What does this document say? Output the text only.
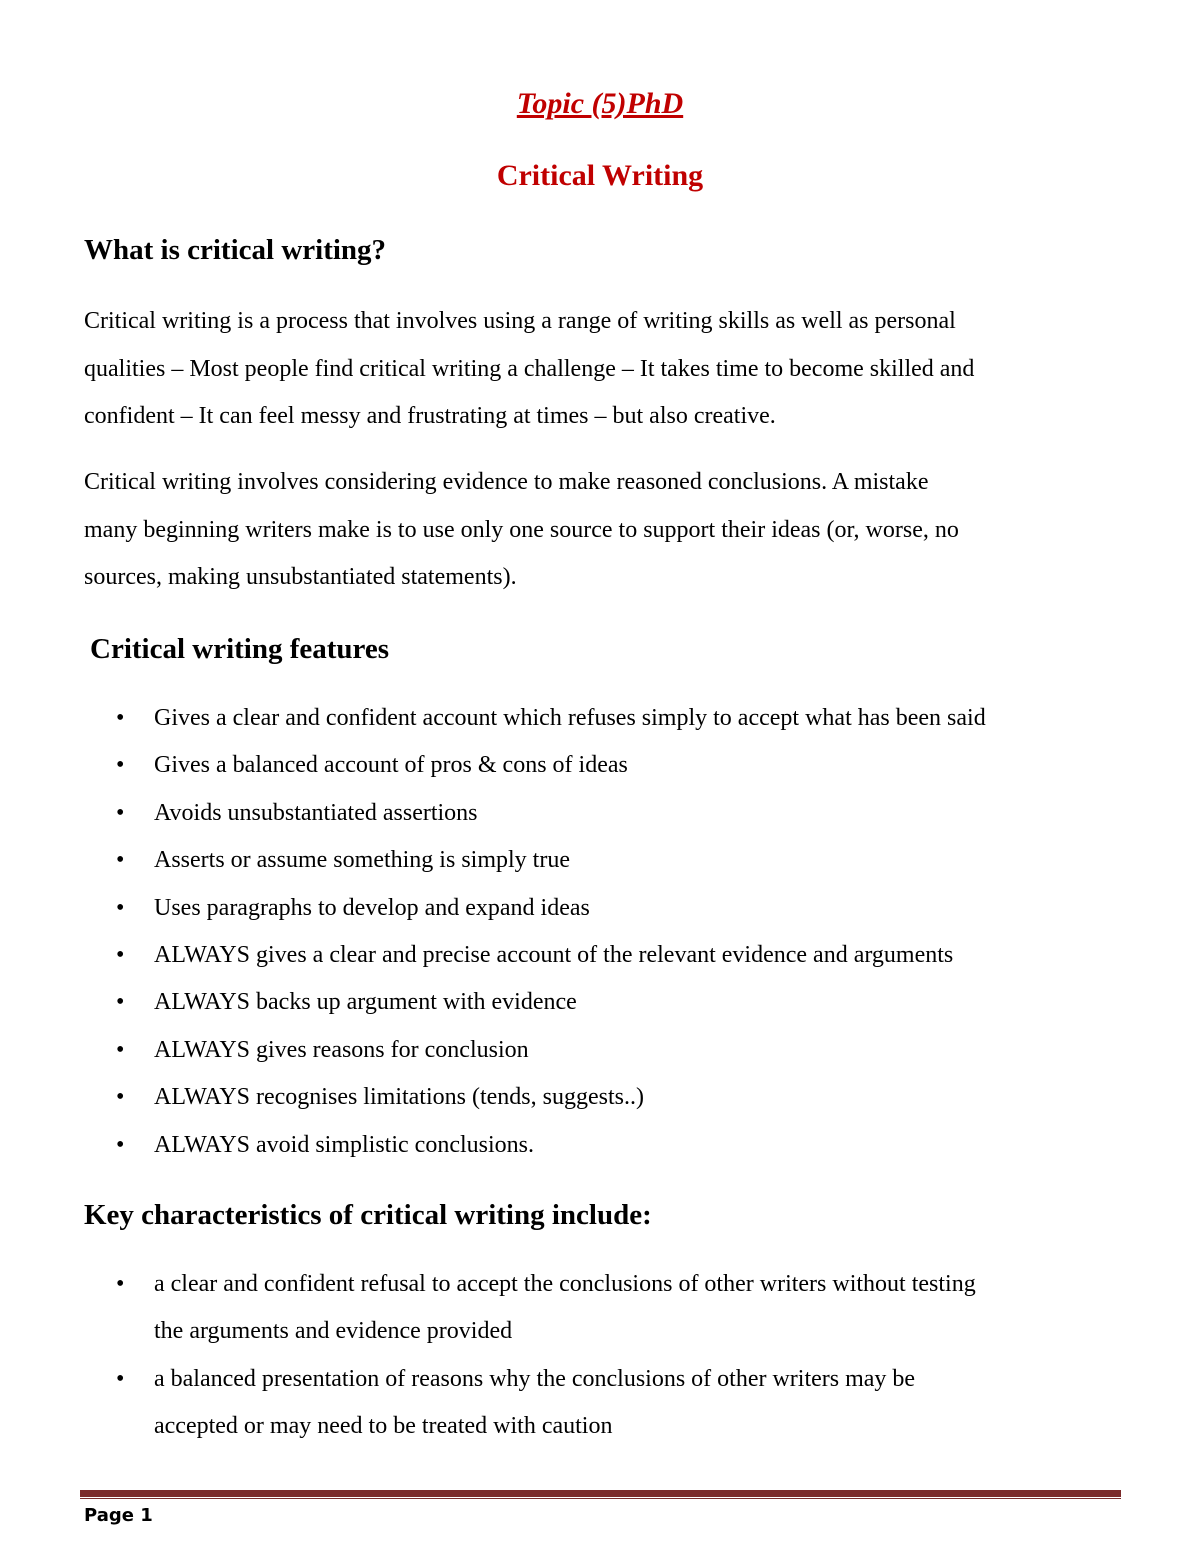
Topic (5)PhD
Critical Writing
What is critical writing?

Critical writing is a process that involves using a range of writing skills as well as personal

qualities – Most people find critical writing a challenge – It takes time to become skilled and

confident – It can feel messy and frustrating at times – but also creative.

Critical writing involves considering evidence to make reasoned conclusions. A mistake

many beginning writers make is to use only one source to support their ideas (or, worse, no

sources, making unsubstantiated statements).

Critical writing features
• Gives a clear and confident account which refuses simply to accept what has been said
• Gives a balanced account of pros & cons of ideas
• Avoids unsubstantiated assertions
• Asserts or assume something is simply true
• Uses paragraphs to develop and expand ideas
• ALWAYS gives a clear and precise account of the relevant evidence and arguments
• ALWAYS backs up argument with evidence
• ALWAYS gives reasons for conclusion
• ALWAYS recognises limitations (tends, suggests..)
• ALWAYS avoid simplistic conclusions.
Key characteristics of critical writing include:
• a clear and confident refusal to accept the conclusions of other writers without testing
the arguments and evidence provided
• a balanced presentation of reasons why the conclusions of other writers may be
accepted or may need to be treated with caution
Page 1
